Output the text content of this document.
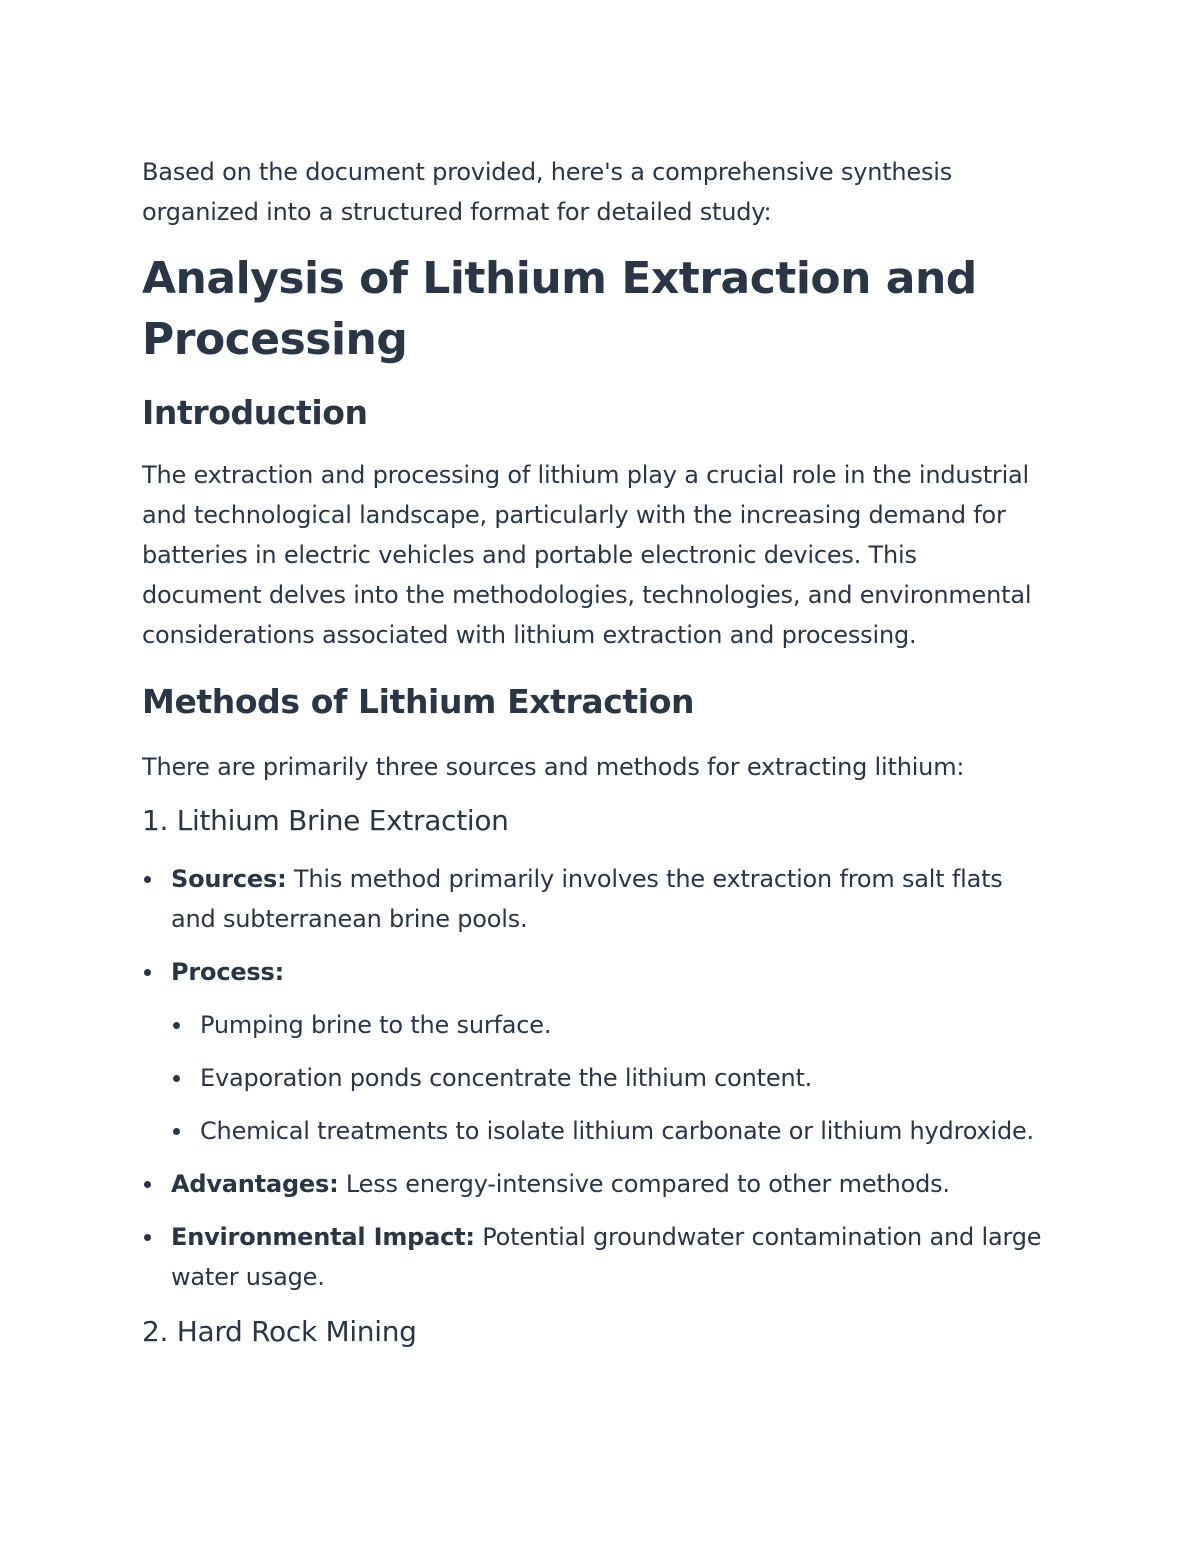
Based on the document provided, here's a comprehensive synthesis
organized into a structured format for detailed study:

Analysis of Lithium Extraction and
Processing
Introduction

The extraction and processing of lithium play a crucial role in the industrial
and technological landscape, particularly with the increasing demand for
batteries in electric vehicles and portable electronic devices. This
document delves into the methodologies, technologies, and environmental
considerations associated with lithium extraction and processing.

Methods of Lithium Extraction

There are primarily three sources and methods for extracting lithium:

1. Lithium Brine Extraction
Sources: This method primarily involves the extraction from salt flats
and subterranean brine pools.
Process:
Pumping brine to the surface.
Evaporation ponds concentrate the lithium content.
Chemical treatments to isolate lithium carbonate or lithium hydroxide.
Advantages: Less energy-intensive compared to other methods.
Environmental Impact: Potential groundwater contamination and large
water usage.
2. Hard Rock Mining
